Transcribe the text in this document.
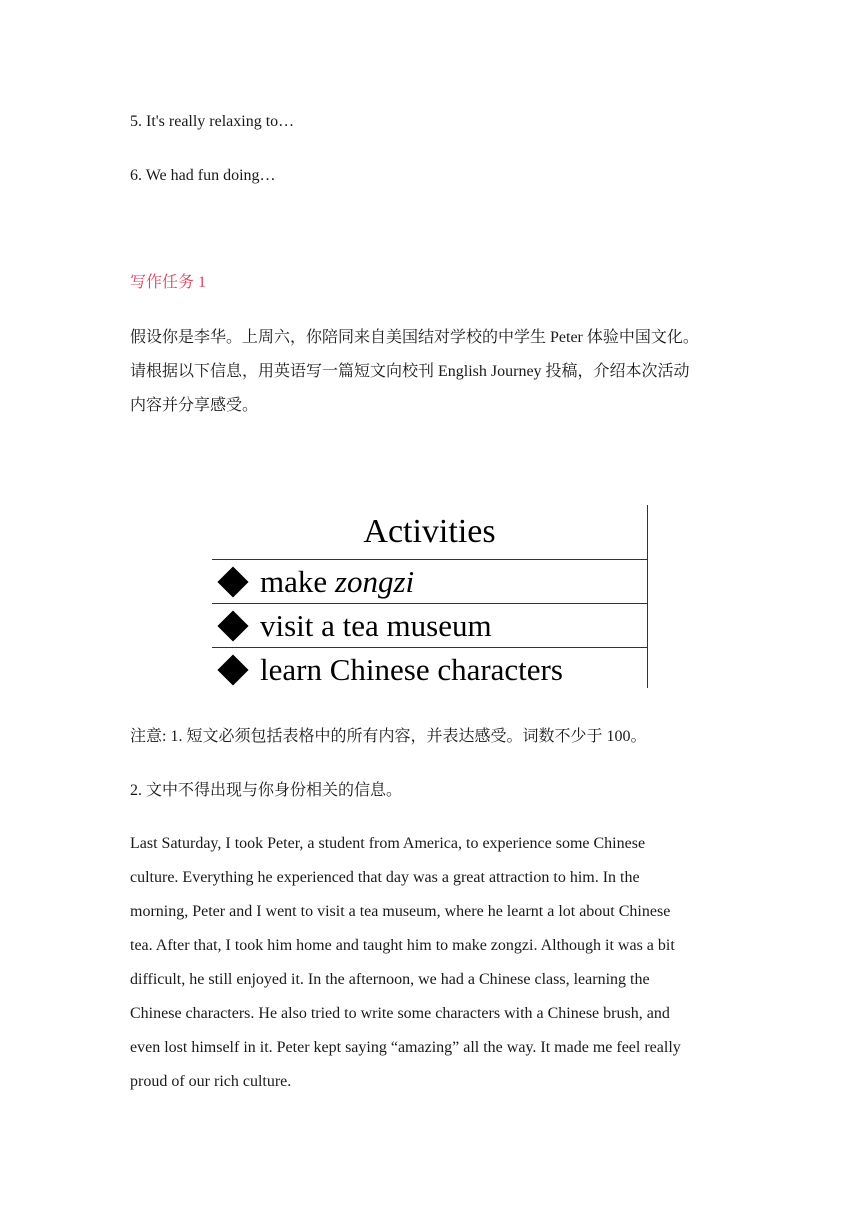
5. It's really relaxing to…
6. We had fun doing…
写作任务 1
假设你是李华。上周六，你陪同来自美国结对学校的中学生 Peter 体验中国文化。
请根据以下信息，用英语写一篇短文向校刊 English Journey 投稿，介绍本次活动
内容并分享感受。
Activities
make zongzi
visit a tea museum
learn Chinese characters
注意: 1. 短文必须包括表格中的所有内容，并表达感受。词数不少于 100。
2. 文中不得出现与你身份相关的信息。
Last Saturday, I took Peter, a student from America, to experience some Chinese
culture. Everything he experienced that day was a great attraction to him. In the
morning, Peter and I went to visit a tea museum, where he learnt a lot about Chinese
tea. After that, I took him home and taught him to make zongzi. Although it was a bit
difficult, he still enjoyed it. In the afternoon, we had a Chinese class, learning the
Chinese characters. He also tried to write some characters with a Chinese brush, and
even lost himself in it. Peter kept saying “amazing” all the way. It made me feel really
proud of our rich culture.
